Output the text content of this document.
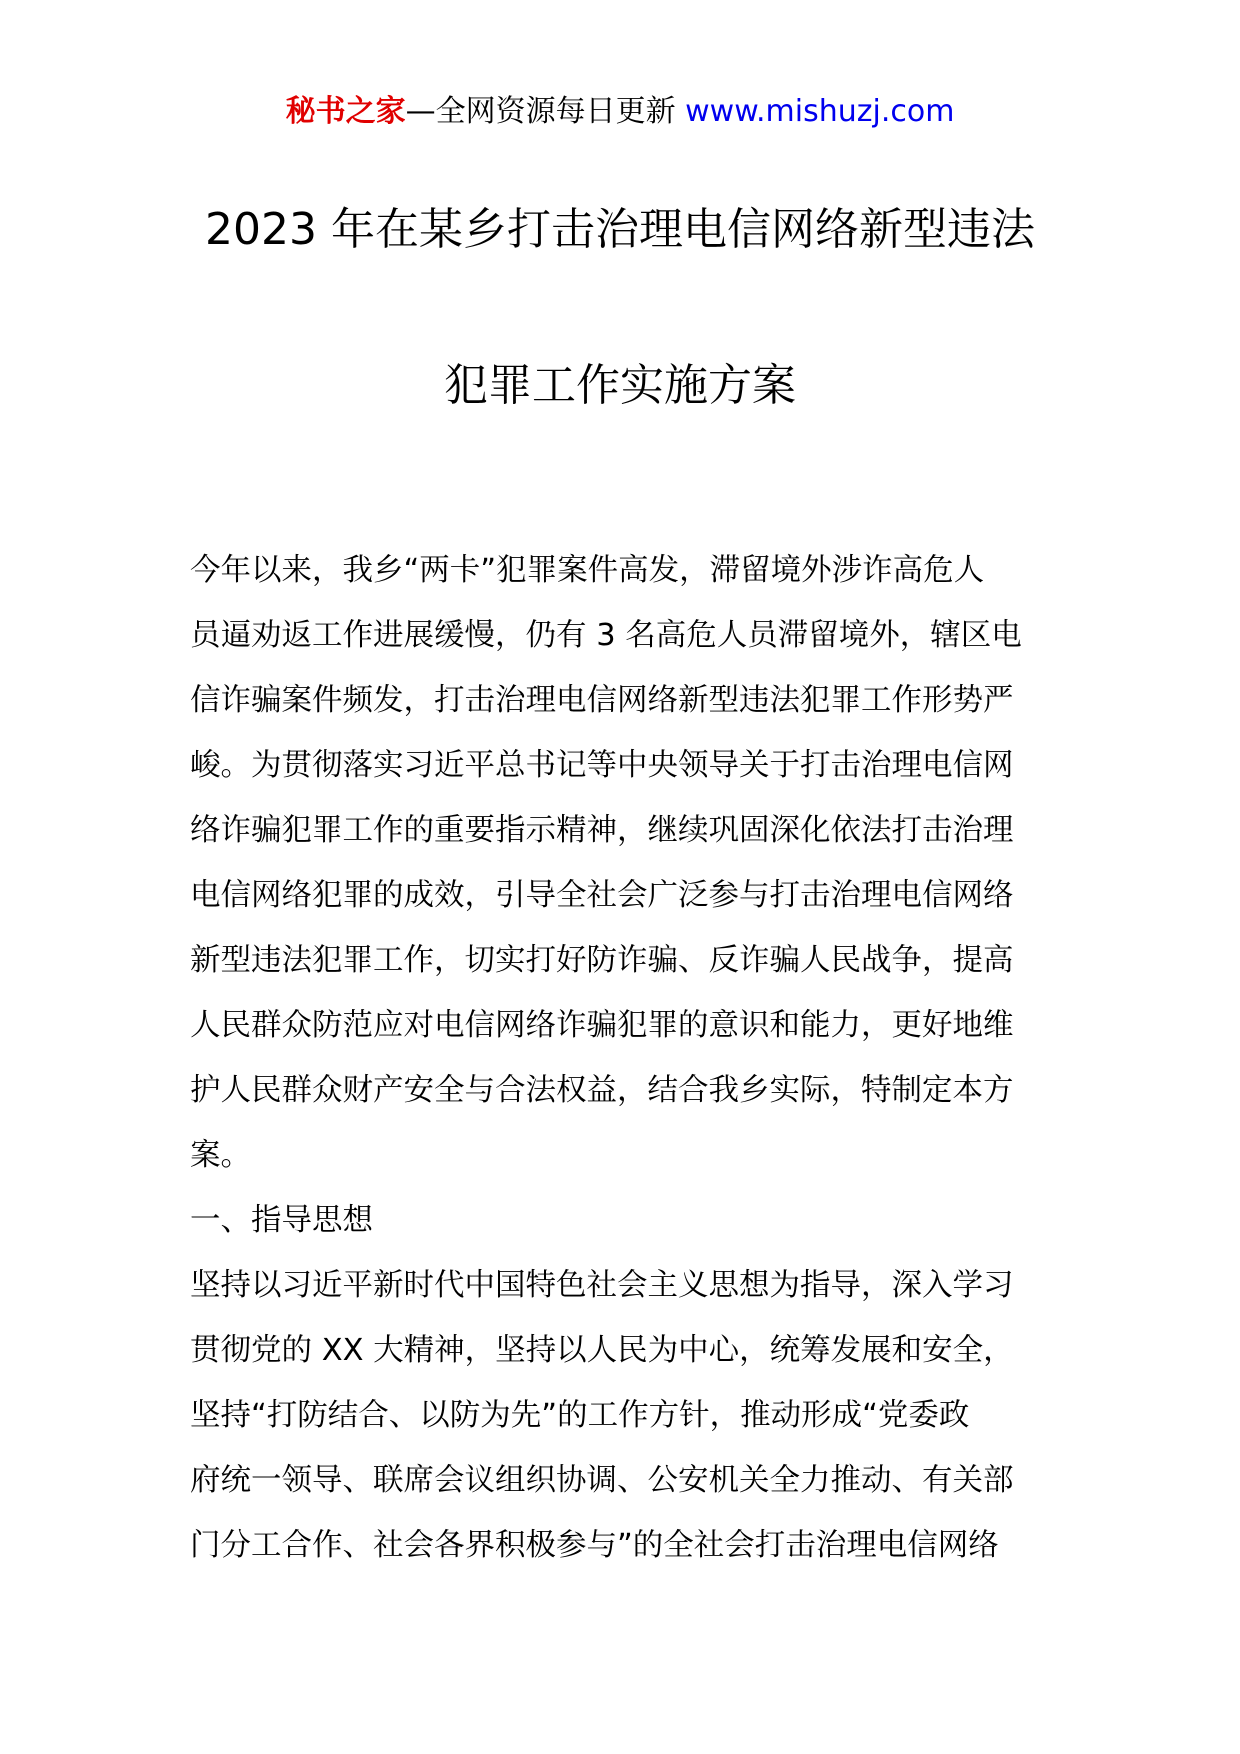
秘书之家—全网资源每日更新 www.mishuzj.com
2023 年在某乡打击治理电信网络新型违法
犯罪工作实施方案
今年以来，我乡“两卡”犯罪案件高发，滞留境外涉诈高危人
员逼劝返工作进展缓慢，仍有 3 名高危人员滞留境外，辖区电
信诈骗案件频发，打击治理电信网络新型违法犯罪工作形势严
峻。为贯彻落实习近平总书记等中央领导关于打击治理电信网
络诈骗犯罪工作的重要指示精神，继续巩固深化依法打击治理
电信网络犯罪的成效，引导全社会广泛参与打击治理电信网络
新型违法犯罪工作，切实打好防诈骗、反诈骗人民战争，提高
人民群众防范应对电信网络诈骗犯罪的意识和能力，更好地维
护人民群众财产安全与合法权益，结合我乡实际，特制定本方
案。
一、指导思想
坚持以习近平新时代中国特色社会主义思想为指导，深入学习
贯彻党的 XX 大精神，坚持以人民为中心，统筹发展和安全，
坚持“打防结合、以防为先”的工作方针，推动形成“党委政
府统一领导、联席会议组织协调、公安机关全力推动、有关部
门分工合作、社会各界积极参与”的全社会打击治理电信网络
